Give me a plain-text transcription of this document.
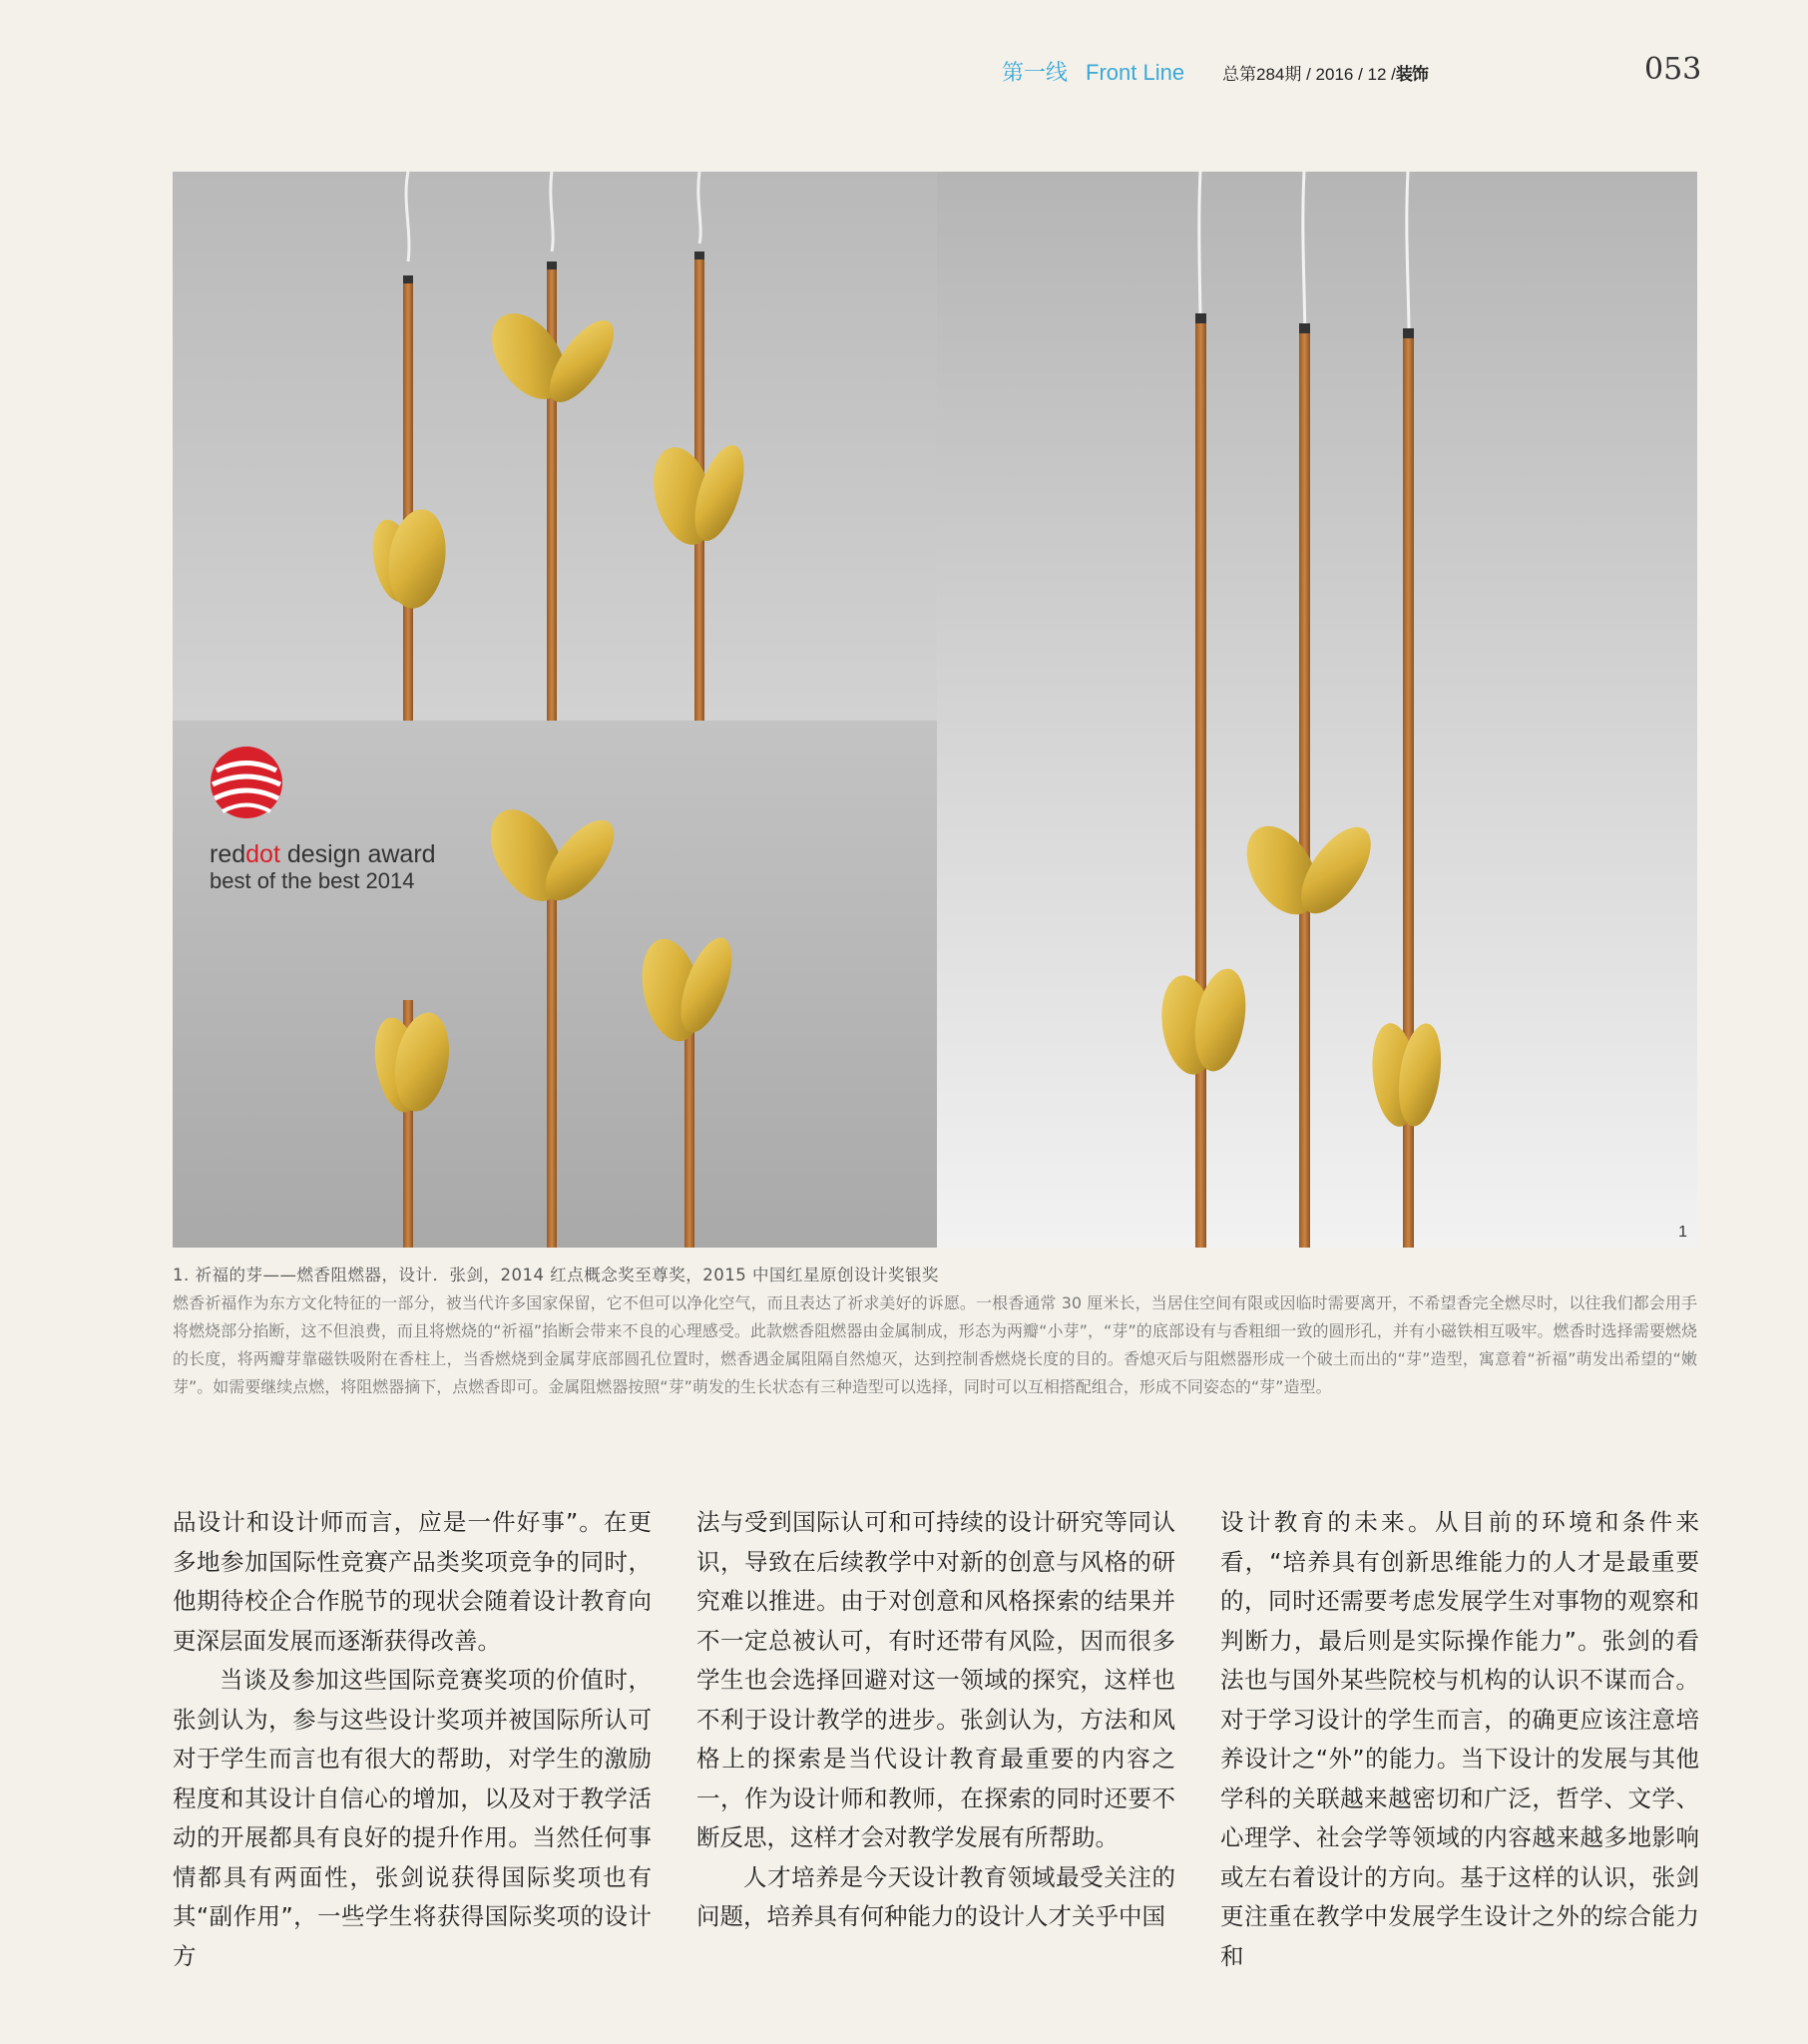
第一线 Front Line 总第284期 / 2016 / 12 /装饰	053
reddot design award
best of the best 2014
1
1. 祈福的芽——燃香阻燃器，设计．张剑，2014 红点概念奖至尊奖，2015 中国红星原创设计奖银奖
燃香祈福作为东方文化特征的一部分，被当代许多国家保留，它不但可以净化空气，而且表达了祈求美好的诉愿。一根香通常 30 厘米长，当居住空间有限或因临时需要离开，不希望香完全燃尽时，以往我们都会用手将燃烧部分掐断，这不但浪费，而且将燃烧的“祈福”掐断会带来不良的心理感受。此款燃香阻燃器由金属制成，形态为两瓣“小芽”，“芽”的底部设有与香粗细一致的圆形孔，并有小磁铁相互吸牢。燃香时选择需要燃烧的长度，将两瓣芽靠磁铁吸附在香柱上，当香燃烧到金属芽底部圆孔位置时，燃香遇金属阻隔自然熄灭，达到控制香燃烧长度的目的。香熄灭后与阻燃器形成一个破土而出的“芽”造型，寓意着“祈福”萌发出希望的“嫩芽”。如需要继续点燃，将阻燃器摘下，点燃香即可。金属阻燃器按照“芽”萌发的生长状态有三种造型可以选择，同时可以互相搭配组合，形成不同姿态的“芽”造型。

品设计和设计师而言，应是一件好事”。在更多地参加国际性竞赛产品类奖项竞争的同时，他期待校企合作脱节的现状会随着设计教育向更深层面发展而逐渐获得改善。

当谈及参加这些国际竞赛奖项的价值时，张剑认为，参与这些设计奖项并被国际所认可对于学生而言也有很大的帮助，对学生的激励程度和其设计自信心的增加，以及对于教学活动的开展都具有良好的提升作用。当然任何事情都具有两面性，张剑说获得国际奖项也有其“副作用”，一些学生将获得国际奖项的设计方

法与受到国际认可和可持续的设计研究等同认识，导致在后续教学中对新的创意与风格的研究难以推进。由于对创意和风格探索的结果并不一定总被认可，有时还带有风险，因而很多学生也会选择回避对这一领域的探究，这样也不利于设计教学的进步。张剑认为，方法和风格上的探索是当代设计教育最重要的内容之一，作为设计师和教师，在探索的同时还要不断反思，这样才会对教学发展有所帮助。

人才培养是今天设计教育领域最受关注的问题，培养具有何种能力的设计人才关乎中国

设计教育的未来。从目前的环境和条件来看，“培养具有创新思维能力的人才是最重要的，同时还需要考虑发展学生对事物的观察和判断力，最后则是实际操作能力”。张剑的看法也与国外某些院校与机构的认识不谋而合。对于学习设计的学生而言，的确更应该注意培养设计之“外”的能力。当下设计的发展与其他学科的关联越来越密切和广泛，哲学、文学、心理学、社会学等领域的内容越来越多地影响或左右着设计的方向。基于这样的认识，张剑更注重在教学中发展学生设计之外的综合能力和
